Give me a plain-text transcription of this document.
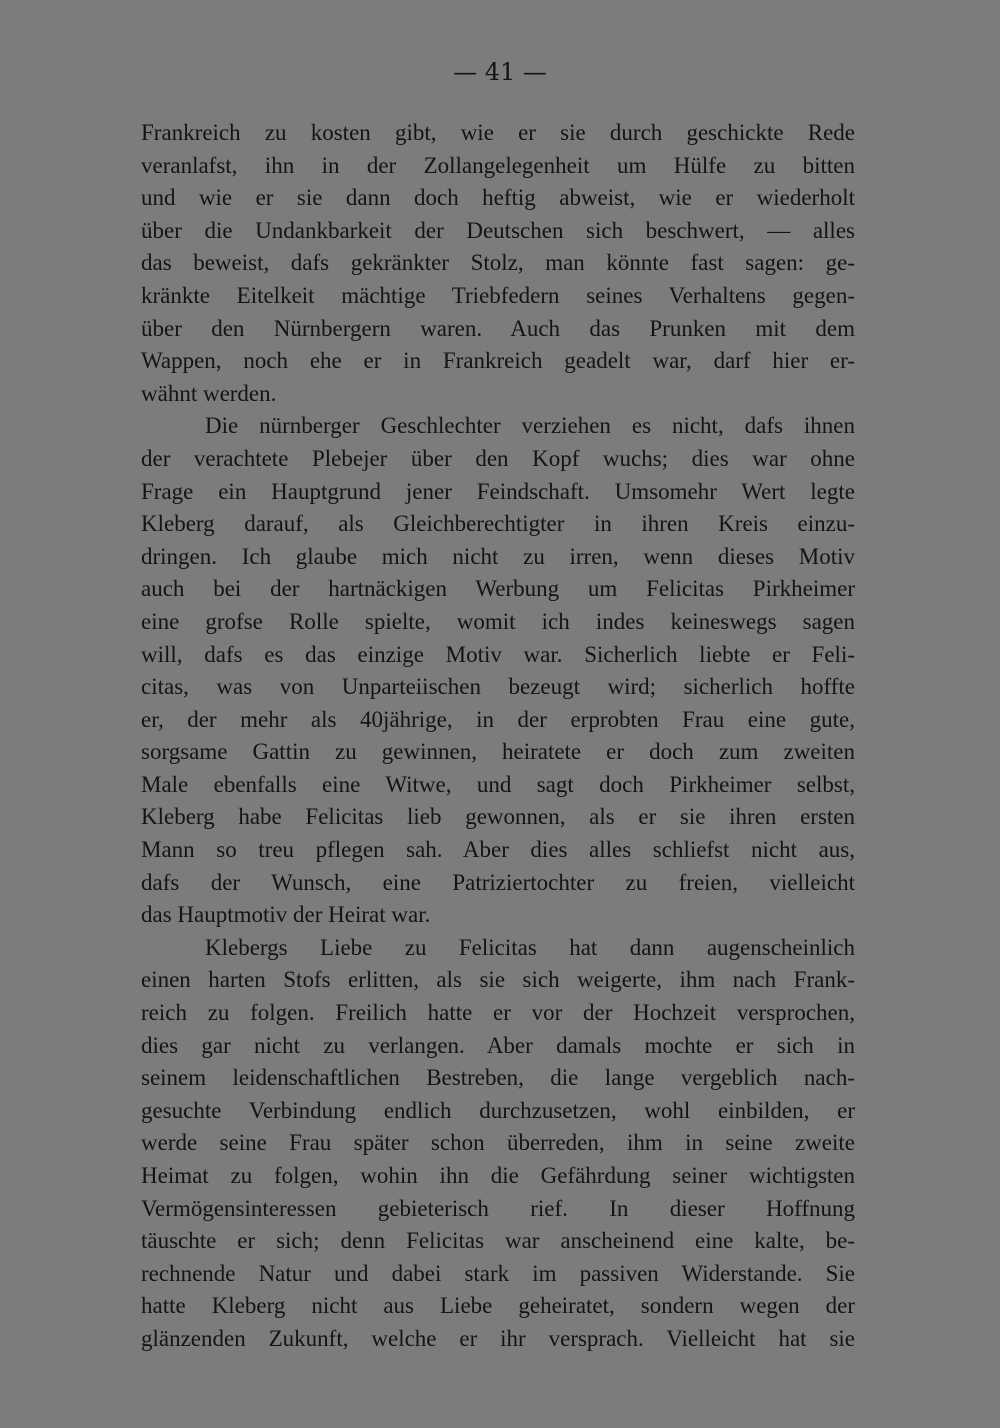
— 41 —
Frankreich zu kosten gibt, wie er sie durch geschickte Rede
veranlafst, ihn in der Zollangelegenheit um Hülfe zu bitten
und wie er sie dann doch heftig abweist, wie er wiederholt
über die Undankbarkeit der Deutschen sich beschwert, — alles
das beweist, dafs gekränkter Stolz, man könnte fast sagen: ge-
kränkte Eitelkeit mächtige Triebfedern seines Verhaltens gegen-
über den Nürnbergern waren. Auch das Prunken mit dem
Wappen, noch ehe er in Frankreich geadelt war, darf hier er-
wähnt werden.
Die nürnberger Geschlechter verziehen es nicht, dafs ihnen
der verachtete Plebejer über den Kopf wuchs; dies war ohne
Frage ein Hauptgrund jener Feindschaft. Umsomehr Wert legte
Kleberg darauf, als Gleichberechtigter in ihren Kreis einzu-
dringen. Ich glaube mich nicht zu irren, wenn dieses Motiv
auch bei der hartnäckigen Werbung um Felicitas Pirkheimer
eine grofse Rolle spielte, womit ich indes keineswegs sagen
will, dafs es das einzige Motiv war. Sicherlich liebte er Feli-
citas, was von Unparteiischen bezeugt wird; sicherlich hoffte
er, der mehr als 40jährige, in der erprobten Frau eine gute,
sorgsame Gattin zu gewinnen, heiratete er doch zum zweiten
Male ebenfalls eine Witwe, und sagt doch Pirkheimer selbst,
Kleberg habe Felicitas lieb gewonnen, als er sie ihren ersten
Mann so treu pflegen sah. Aber dies alles schliefst nicht aus,
dafs der Wunsch, eine Patriziertochter zu freien, vielleicht
das Hauptmotiv der Heirat war.
Klebergs Liebe zu Felicitas hat dann augenscheinlich
einen harten Stofs erlitten, als sie sich weigerte, ihm nach Frank-
reich zu folgen. Freilich hatte er vor der Hochzeit versprochen,
dies gar nicht zu verlangen. Aber damals mochte er sich in
seinem leidenschaftlichen Bestreben, die lange vergeblich nach-
gesuchte Verbindung endlich durchzusetzen, wohl einbilden, er
werde seine Frau später schon überreden, ihm in seine zweite
Heimat zu folgen, wohin ihn die Gefährdung seiner wichtigsten
Vermögensinteressen gebieterisch rief. In dieser Hoffnung
täuschte er sich; denn Felicitas war anscheinend eine kalte, be-
rechnende Natur und dabei stark im passiven Widerstande. Sie
hatte Kleberg nicht aus Liebe geheiratet, sondern wegen der
glänzenden Zukunft, welche er ihr versprach. Vielleicht hat sie
